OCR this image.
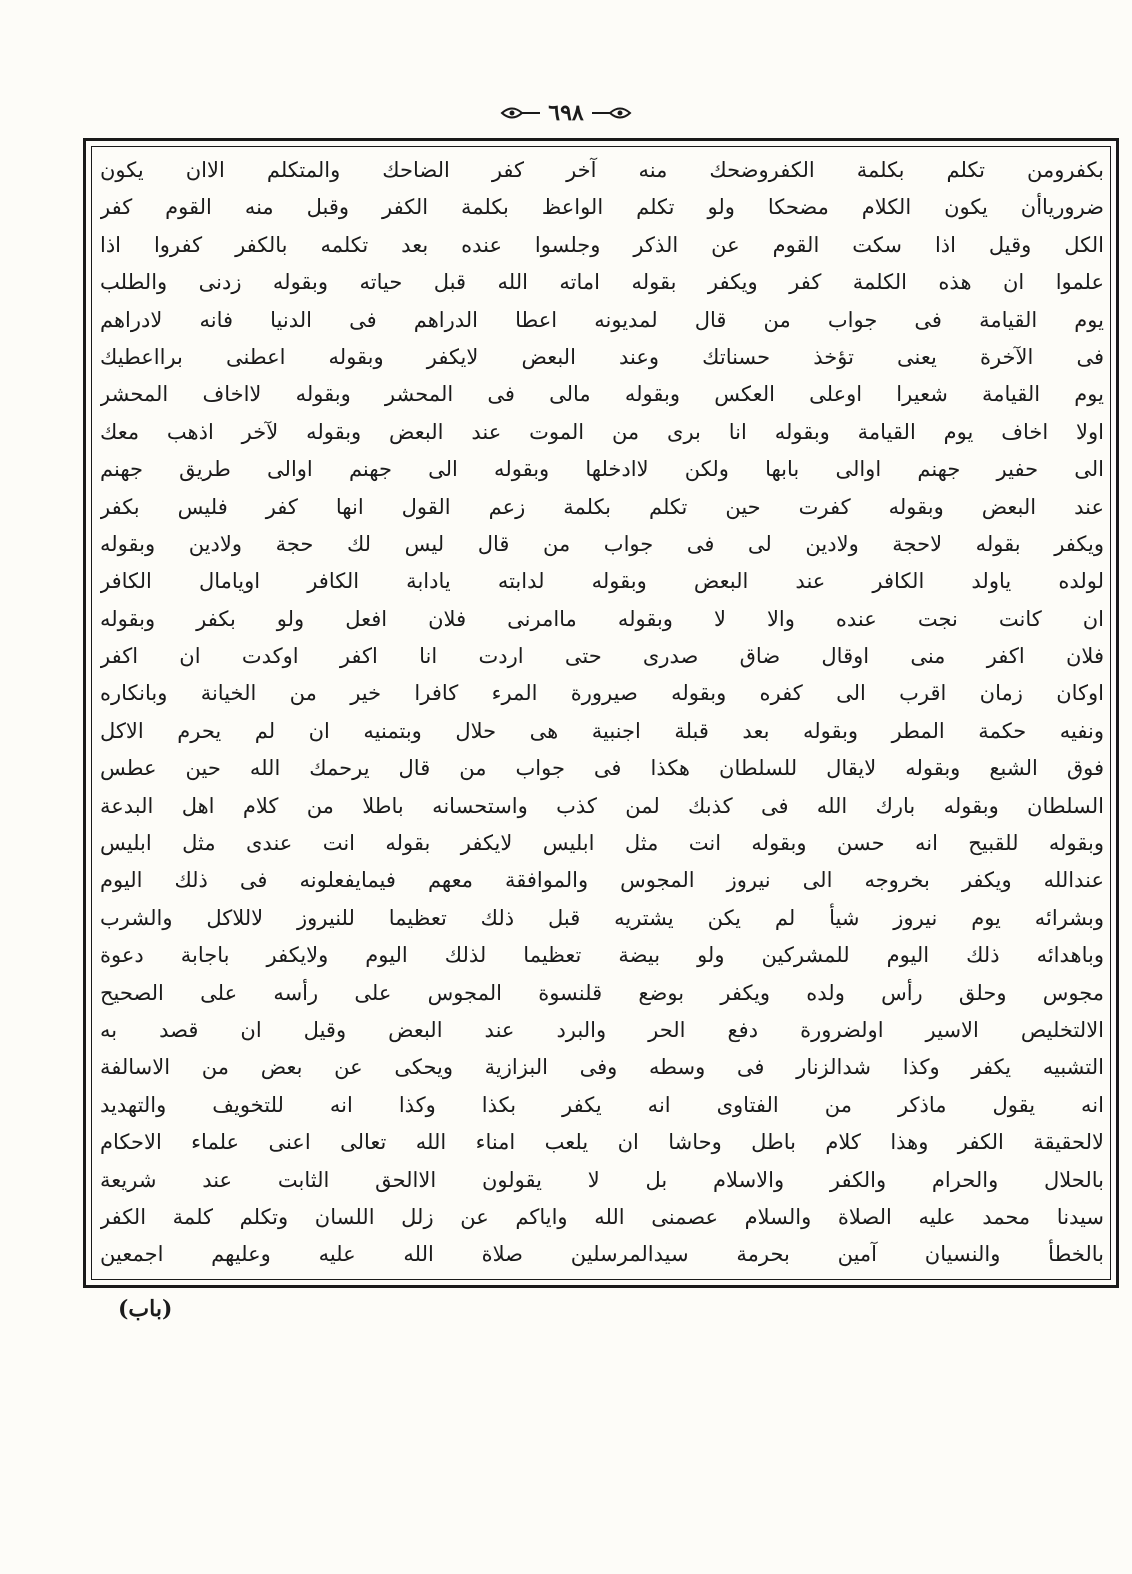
٦٩٨
بكفرومن تكلم بكلمة الكفروضحك منه آخر كفر الضاحك والمتكلم الاان يكون
ضرورياأن يكون الكلام مضحكا ولو تكلم الواعظ بكلمة الكفر وقبل منه القوم كفر
الكل وقيل اذا سكت القوم عن الذكر وجلسوا عنده بعد تكلمه بالكفر كفروا اذا
علموا ان هذه الكلمة كفر ويكفر بقوله اماته الله قبل حياته وبقوله زدنى والطلب
يوم القيامة فى جواب من قال لمديونه اعطا الدراهم فى الدنيا فانه لادراهم
فى الآخرة يعنى تؤخذ حسناتك وعند البعض لايكفر وبقوله اعطنى برااعطيك
يوم القيامة شعيرا اوعلى العكس وبقوله مالى فى المحشر وبقوله لااخاف المحشر
اولا اخاف يوم القيامة وبقوله انا برى من الموت عند البعض وبقوله لآخر اذهب معك
الى حفير جهنم اوالى بابها ولكن لاادخلها وبقوله الى جهنم اوالى طريق جهنم
عند البعض وبقوله كفرت حين تكلم بكلمة زعم القول انها كفر فليس بكفر
ويكفر بقوله لاحجة ولادين لى فى جواب من قال ليس لك حجة ولادين وبقوله
لولده ياولد الكافر عند البعض وبقوله لدابته يادابة الكافر اويامال الكافر
ان كانت نجت عنده والا لا وبقوله ماامرنى فلان افعل ولو بكفر وبقوله
فلان اكفر منى اوقال ضاق صدرى حتى اردت انا اكفر اوكدت ان اكفر
اوكان زمان اقرب الى كفره وبقوله صيرورة المرء كافرا خير من الخيانة وبانكاره
ونفيه حكمة المطر وبقوله بعد قبلة اجنبية هى حلال وبتمنيه ان لم يحرم الاكل
فوق الشبع وبقوله لايقال للسلطان هكذا فى جواب من قال يرحمك الله حين عطس
السلطان وبقوله بارك الله فى كذبك لمن كذب واستحسانه باطلا من كلام اهل البدعة
وبقوله للقبيح انه حسن وبقوله انت مثل ابليس لايكفر بقوله انت عندى مثل ابليس
عندالله ويكفر بخروجه الى نيروز المجوس والموافقة معهم فيمايفعلونه فى ذلك اليوم
وبشرائه يوم نيروز شيأ لم يكن يشتريه قبل ذلك تعظيما للنيروز لاللاكل والشرب
وباهدائه ذلك اليوم للمشركين ولو بيضة تعظيما لذلك اليوم ولايكفر باجابة دعوة
مجوس وحلق رأس ولده ويكفر بوضع قلنسوة المجوس على رأسه على الصحيح
الالتخليص الاسير اولضرورة دفع الحر والبرد عند البعض وقيل ان قصد به
التشبيه يكفر وكذا شدالزنار فى وسطه وفى البزازية ويحكى عن بعض من الاسالفة
انه يقول ماذكر من الفتاوى انه يكفر بكذا وكذا انه للتخويف والتهديد
لالحقيقة الكفر وهذا كلام باطل وحاشا ان يلعب امناء الله تعالى اعنى علماء الاحكام
بالحلال والحرام والكفر والاسلام بل لا يقولون الاالحق الثابت عند شريعة
سيدنا محمد عليه الصلاة والسلام عصمنى الله واياكم عن زلل اللسان وتكلم كلمة الكفر
بالخطأ والنسيان آمين بحرمة سيدالمرسلين صلاة الله عليه وعليهم اجمعين
(باب)
